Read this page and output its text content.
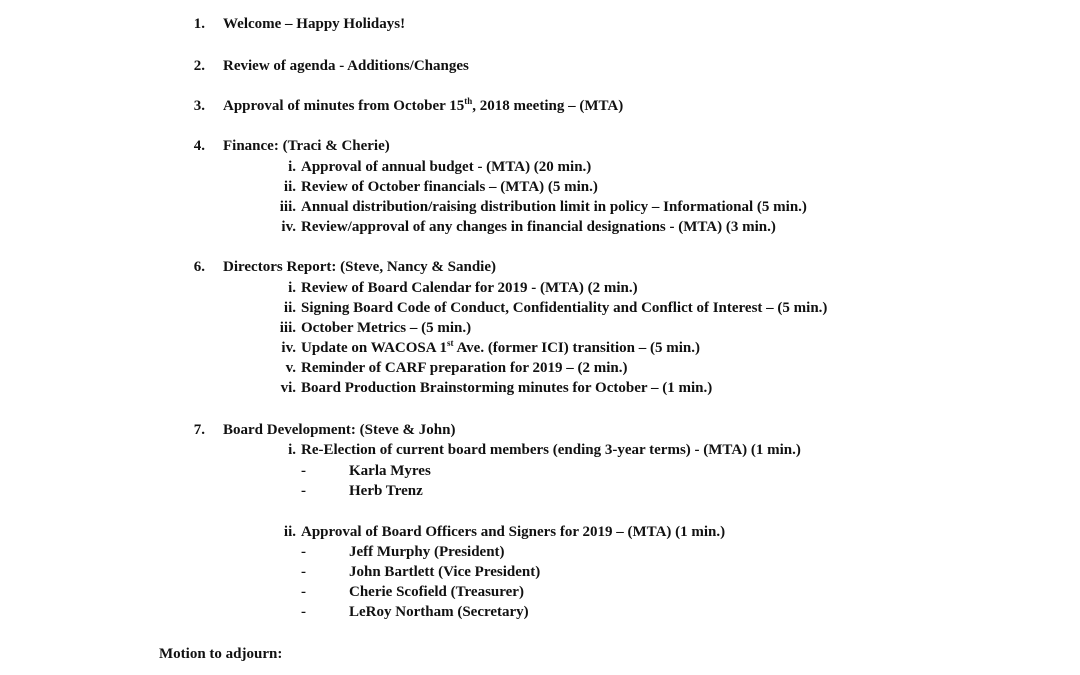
1. Welcome – Happy Holidays!
2. Review of agenda - Additions/Changes
3. Approval of minutes from October 15th, 2018 meeting – (MTA)
4. Finance: (Traci & Cherie)
i. Approval of annual budget - (MTA) (20 min.)
ii. Review of October financials – (MTA) (5 min.)
iii. Annual distribution/raising distribution limit in policy – Informational (5 min.)
iv. Review/approval of any changes in financial designations - (MTA) (3 min.)
6. Directors Report: (Steve, Nancy & Sandie)
i. Review of Board Calendar for 2019 - (MTA) (2 min.)
ii. Signing Board Code of Conduct, Confidentiality and Conflict of Interest – (5 min.)
iii. October Metrics – (5 min.)
iv. Update on WACOSA 1st Ave. (former ICI) transition – (5 min.)
v. Reminder of CARF preparation for 2019 – (2 min.)
vi. Board Production Brainstorming minutes for October – (1 min.)
7. Board Development: (Steve & John)
i. Re-Election of current board members (ending 3-year terms) - (MTA) (1 min.)
-	Karla Myres
-	Herb Trenz
ii. Approval of Board Officers and Signers for 2019 – (MTA) (1 min.)
-	Jeff Murphy (President)
-	John Bartlett (Vice President)
-	Cherie Scofield (Treasurer)
-	LeRoy Northam (Secretary)
Motion to adjourn:
